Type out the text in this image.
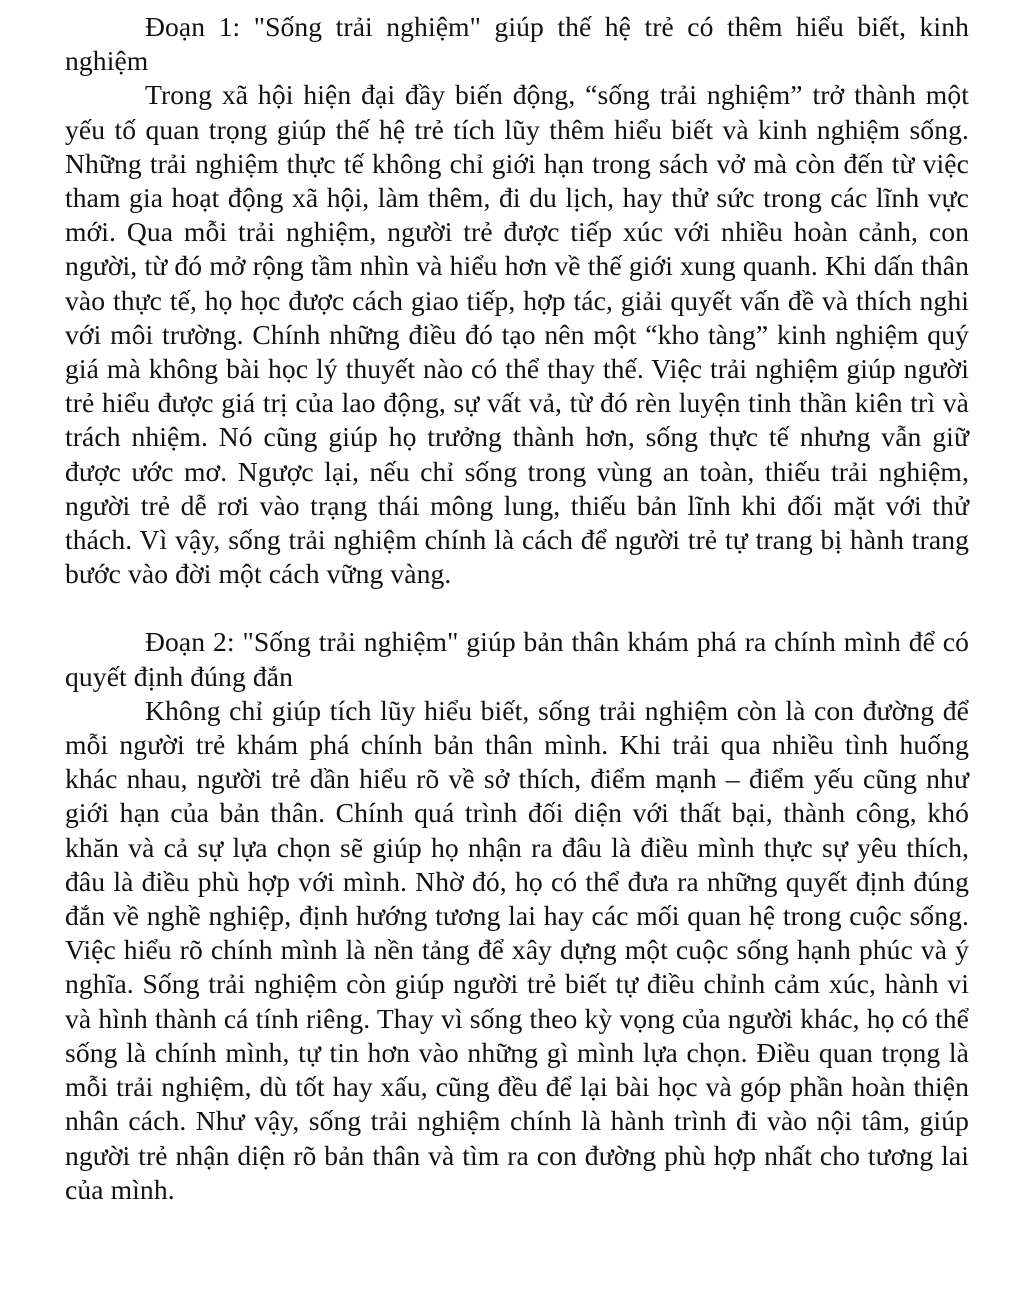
Đoạn 1: "Sống trải nghiệm" giúp thế hệ trẻ có thêm hiểu biết, kinh nghiệm

Trong xã hội hiện đại đầy biến động, “sống trải nghiệm” trở thành một yếu tố quan trọng giúp thế hệ trẻ tích lũy thêm hiểu biết và kinh nghiệm sống. Những trải nghiệm thực tế không chỉ giới hạn trong sách vở mà còn đến từ việc tham gia hoạt động xã hội, làm thêm, đi du lịch, hay thử sức trong các lĩnh vực mới. Qua mỗi trải nghiệm, người trẻ được tiếp xúc với nhiều hoàn cảnh, con người, từ đó mở rộng tầm nhìn và hiểu hơn về thế giới xung quanh. Khi dấn thân vào thực tế, họ học được cách giao tiếp, hợp tác, giải quyết vấn đề và thích nghi với môi trường. Chính những điều đó tạo nên một “kho tàng” kinh nghiệm quý giá mà không bài học lý thuyết nào có thể thay thế. Việc trải nghiệm giúp người trẻ hiểu được giá trị của lao động, sự vất vả, từ đó rèn luyện tinh thần kiên trì và trách nhiệm. Nó cũng giúp họ trưởng thành hơn, sống thực tế nhưng vẫn giữ được ước mơ. Ngược lại, nếu chỉ sống trong vùng an toàn, thiếu trải nghiệm, người trẻ dễ rơi vào trạng thái mông lung, thiếu bản lĩnh khi đối mặt với thử thách. Vì vậy, sống trải nghiệm chính là cách để người trẻ tự trang bị hành trang bước vào đời một cách vững vàng.

Đoạn 2: "Sống trải nghiệm" giúp bản thân khám phá ra chính mình để có quyết định đúng đắn

Không chỉ giúp tích lũy hiểu biết, sống trải nghiệm còn là con đường để mỗi người trẻ khám phá chính bản thân mình. Khi trải qua nhiều tình huống khác nhau, người trẻ dần hiểu rõ về sở thích, điểm mạnh – điểm yếu cũng như giới hạn của bản thân. Chính quá trình đối diện với thất bại, thành công, khó khăn và cả sự lựa chọn sẽ giúp họ nhận ra đâu là điều mình thực sự yêu thích, đâu là điều phù hợp với mình. Nhờ đó, họ có thể đưa ra những quyết định đúng đắn về nghề nghiệp, định hướng tương lai hay các mối quan hệ trong cuộc sống. Việc hiểu rõ chính mình là nền tảng để xây dựng một cuộc sống hạnh phúc và ý nghĩa. Sống trải nghiệm còn giúp người trẻ biết tự điều chỉnh cảm xúc, hành vi và hình thành cá tính riêng. Thay vì sống theo kỳ vọng của người khác, họ có thể sống là chính mình, tự tin hơn vào những gì mình lựa chọn. Điều quan trọng là mỗi trải nghiệm, dù tốt hay xấu, cũng đều để lại bài học và góp phần hoàn thiện nhân cách. Như vậy, sống trải nghiệm chính là hành trình đi vào nội tâm, giúp người trẻ nhận diện rõ bản thân và tìm ra con đường phù hợp nhất cho tương lai của mình.
